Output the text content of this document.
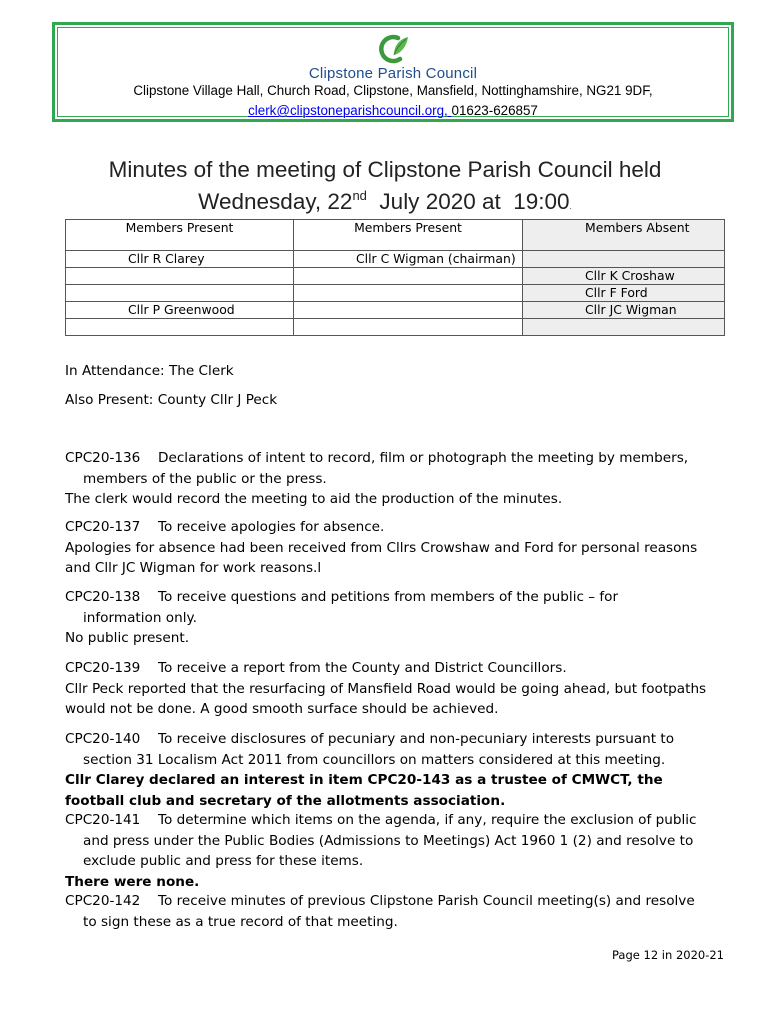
Clipstone Parish Council
Clipstone Village Hall, Church Road, Clipstone, Mansfield, Nottinghamshire, NG21 9DF,
clerk@clipstoneparishcouncil.org, 01623-626857
Minutes of the meeting of Clipstone Parish Council held
Wednesday, 22nd  July 2020 at  19:00.
Members Present	Members Present	Members Absent
Cllr R Clarey	Cllr C Wigman (chairman)	
		Cllr K Croshaw
		Cllr F Ford
Cllr P Greenwood		Cllr JC Wigman

In Attendance: The Clerk
Also Present: County Cllr J Peck

CPC20-136 Declarations of intent to record, film or photograph the meeting by members,

members of the public or the press.

The clerk would record the meeting to aid the production of the minutes.

CPC20-137 To receive apologies for absence.

Apologies for absence had been received from Cllrs Crowshaw and Ford for personal reasons

and Cllr JC Wigman for work reasons.l

CPC20-138 To receive questions and petitions from members of the public – for

information only.

No public present.

CPC20-139 To receive a report from the County and District Councillors.

Cllr Peck reported that the resurfacing of Mansfield Road would be going ahead, but footpaths

would not be done. A good smooth surface should be achieved.

CPC20-140 To receive disclosures of pecuniary and non-pecuniary interests pursuant to

section 31 Localism Act 2011 from councillors on matters considered at this meeting.

Cllr Clarey declared an interest in item CPC20-143 as a trustee of CMWCT, the

football club and secretary of the allotments association.

CPC20-141 To determine which items on the agenda, if any, require the exclusion of public

and press under the Public Bodies (Admissions to Meetings) Act 1960 1 (2) and resolve to

exclude public and press for these items.

There were none.

CPC20-142 To receive minutes of previous Clipstone Parish Council meeting(s) and resolve

to sign these as a true record of that meeting.

Page 12 in 2020-21
